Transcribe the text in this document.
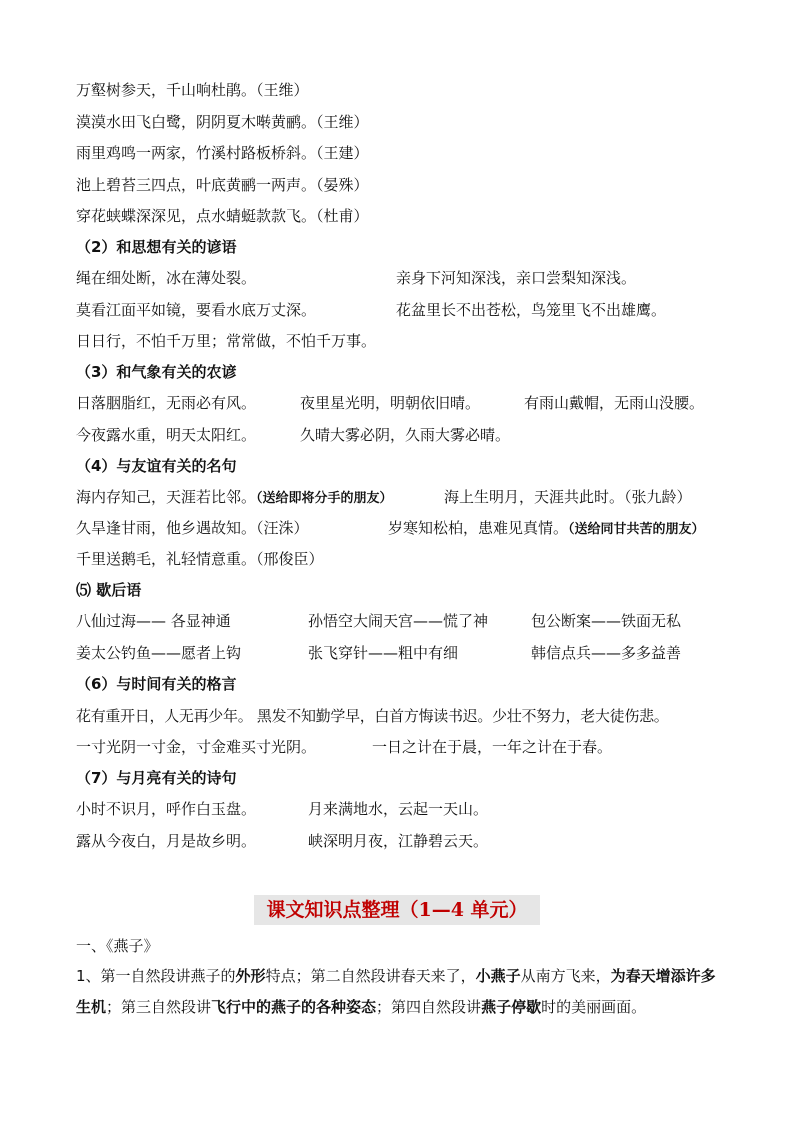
万壑树参天，千山响杜鹃。（王维）
漠漠水田飞白鹭，阴阴夏木啭黄鹂。（王维）
雨里鸡鸣一两家，竹溪村路板桥斜。（王建）
池上碧苔三四点，叶底黄鹂一两声。（晏殊）
穿花蛱蝶深深见，点水蜻蜓款款飞。（杜甫）
（2）和思想有关的谚语
绳在细处断，冰在薄处裂。	亲身下河知深浅，亲口尝梨知深浅。
莫看江面平如镜，要看水底万丈深。	花盆里长不出苍松，鸟笼里飞不出雄鹰。
日日行，不怕千万里；常常做，不怕千万事。
（3）和气象有关的农谚
日落胭脂红，无雨必有风。	夜里星光明，明朝依旧晴。	有雨山戴帽，无雨山没腰。
今夜露水重，明天太阳红。	久晴大雾必阴，久雨大雾必晴。
（4）与友谊有关的名句
海内存知己，天涯若比邻。（送给即将分手的朋友）	海上生明月，天涯共此时。（张九龄）
久旱逢甘雨，他乡遇故知。（汪洙）	岁寒知松柏，患难见真情。（送给同甘共苦的朋友）
千里送鹅毛，礼轻情意重。（邢俊臣）
⑸ 歇后语
八仙过海—— 各显神通	孙悟空大闹天宫——慌了神	包公断案——铁面无私
姜太公钓鱼——愿者上钩	张飞穿针——粗中有细	韩信点兵——多多益善
（6）与时间有关的格言
花有重开日，人无再少年。 黑发不知勤学早，白首方悔读书迟。少壮不努力，老大徒伤悲。
一寸光阴一寸金，寸金难买寸光阴。	一日之计在于晨，一年之计在于春。
（7）与月亮有关的诗句
小时不识月，呼作白玉盘。	月来满地水，云起一天山。
露从今夜白，月是故乡明。	峡深明月夜，江静碧云天。
课文知识点整理（1—4 单元）
一、《燕子》
1、第一自然段讲燕子的外形特点；第二自然段讲春天来了，小燕子从南方飞来，为春天增添许多生机；第三自然段讲飞行中的燕子的各种姿态；第四自然段讲燕子停歇时的美丽画面。
